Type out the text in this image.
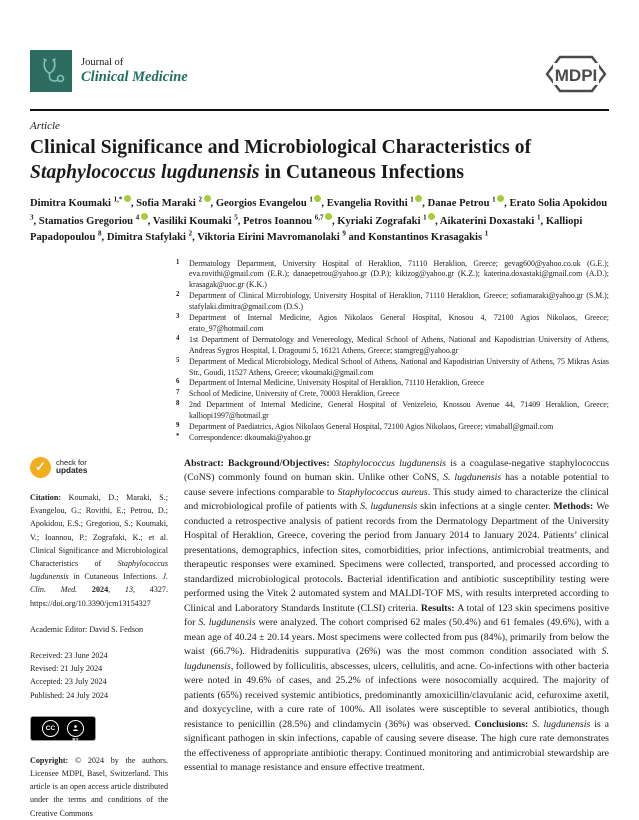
Journal of
Clinical Medicine	MDPI
Article
Clinical Significance and Microbiological Characteristics of
Staphylococcus lugdunensis in Cutaneous Infections
Dimitra Koumaki $^{1,*}$ , Sofia Maraki $^2$ , Georgios Evangelou $^1$ , Evangelia Rovithi $^1$ , Danae Petrou $^1$ , Erato Solia Apokidou $^3$, Stamatios Gregoriou $^4$ , Vasiliki Koumaki $^5$, Petros Ioannou $^{6,7}$ , Kyriaki Zografaki $^1$ , Aikaterini Doxastaki $^1$, Kalliopi Papadopoulou $^8$, Dimitra Stafylaki $^2$, Viktoria Eirini Mavromanolaki $^9$ and Konstantinos Krasagakis $^1$
1	Dermatology Department, University Hospital of Heraklion, 71110 Heraklion, Greece; gevag600@yahoo.co.uk (G.E.); eva.rovithi@gmail.com (E.R.); danaepetrou@yahoo.gr (D.P.); kikizog@yahoo.gr (K.Z.); katerina.doxastaki@gmail.com (A.D.); krasagak@uoc.gr (K.K.)
2	Department of Clinical Microbiology, University Hospital of Heraklion, 71110 Heraklion, Greece; sofiamaraki@yahoo.gr (S.M.); stafylaki.dimitra@gmail.com (D.S.)
3	Department of Internal Medicine, Agios Nikolaos General Hospital, Knosou 4, 72100 Agios Nikolaos, Greece; erato_97@hotmail.com
4	1st Department of Dermatology and Venereology, Medical School of Athens, National and Kapodistrian University of Athens, Andreas Sygros Hospital, I. Dragoumi 5, 16121 Athens, Greece; stamgreg@yahoo.gr
5	Department of Medical Microbiology, Medical School of Athens, National and Kapodistrian University of Athens, 75 Mikras Asias Str., Goudi, 11527 Athens, Greece; vkoumaki@gmail.com
6	Department of Internal Medicine, University Hospital of Heraklion, 71110 Heraklion, Greece
7	School of Medicine, University of Crete, 70003 Heraklion, Greece
8	2nd Department of Internal Medicine, General Hospital of Venizeleio, Knossou Avenue 44, 71409 Heraklion, Greece; kalliopi1997@hotmail.gr
9	Department of Paediatrics, Agios Nikolaos General Hospital, 72100 Agios Nikolaos, Greece; vimaball@gmail.com
*	Correspondence: dkoumaki@yahoo.gr
✓	check for
updates
Citation: Koumaki, D.; Maraki, S.; Evangelou, G.; Rovithi, E.; Petrou, D.; Apokidou, E.S.; Gregoriou, S.; Koumaki, V.; Ioannou, P.; Zografaki, K.; et al. Clinical Significance and Microbiological Characteristics of Staphylococcus lugdunensis in Cutaneous Infections. J. Clin. Med. 2024, 13, 4327. https://doi.org/10.3390/jcm13154327
Academic Editor: David S. Fedson
Received: 23 June 2024
Revised: 21 July 2024
Accepted: 23 July 2024
Published: 24 July 2024
CC
BY
Copyright: © 2024 by the authors. Licensee MDPI, Basel, Switzerland. This article is an open access article distributed under the terms and conditions of the Creative Commons
Abstract: Background/Objectives: Staphylococcus lugdunensis is a coagulase-negative staphylococcus (CoNS) commonly found on human skin. Unlike other CoNS, S. lugdunensis has a notable potential to cause severe infections comparable to Staphylococcus aureus. This study aimed to characterize the clinical and microbiological profile of patients with S. lugdunensis skin infections at a single center. Methods: We conducted a retrospective analysis of patient records from the Dermatology Department of the University Hospital of Heraklion, Greece, covering the period from January 2014 to January 2024. Patients’ clinical presentations, demographics, infection sites, comorbidities, prior infections, antimicrobial treatments, and therapeutic responses were examined. Specimens were collected, transported, and processed according to standardized microbiological protocols. Bacterial identification and antibiotic susceptibility testing were performed using the Vitek 2 automated system and MALDI-TOF MS, with results interpreted according to Clinical and Laboratory Standards Institute (CLSI) criteria. Results: A total of 123 skin specimens positive for S. lugdunensis were analyzed. The cohort comprised 62 males (50.4%) and 61 females (49.6%), with a mean age of 40.24 ± 20.14 years. Most specimens were collected from pus (84%), primarily from below the waist (66.7%). Hidradenitis suppurativa (26%) was the most common condition associated with S. lugdunensis, followed by folliculitis, abscesses, ulcers, cellulitis, and acne. Co-infections with other bacteria were noted in 49.6% of cases, and 25.2% of infections were nosocomially acquired. The majority of patients (65%) received systemic antibiotics, predominantly amoxicillin/clavulanic acid, cefuroxime axetil, and doxycycline, with a cure rate of 100%. All isolates were susceptible to several antibiotics, though resistance to penicillin (28.5%) and clindamycin (36%) was observed. Conclusions: S. lugdunensis is a significant pathogen in skin infections, capable of causing severe disease. The high cure rate demonstrates the effectiveness of appropriate antibiotic therapy. Continued monitoring and antimicrobial stewardship are essential to manage resistance and ensure effective treatment.
